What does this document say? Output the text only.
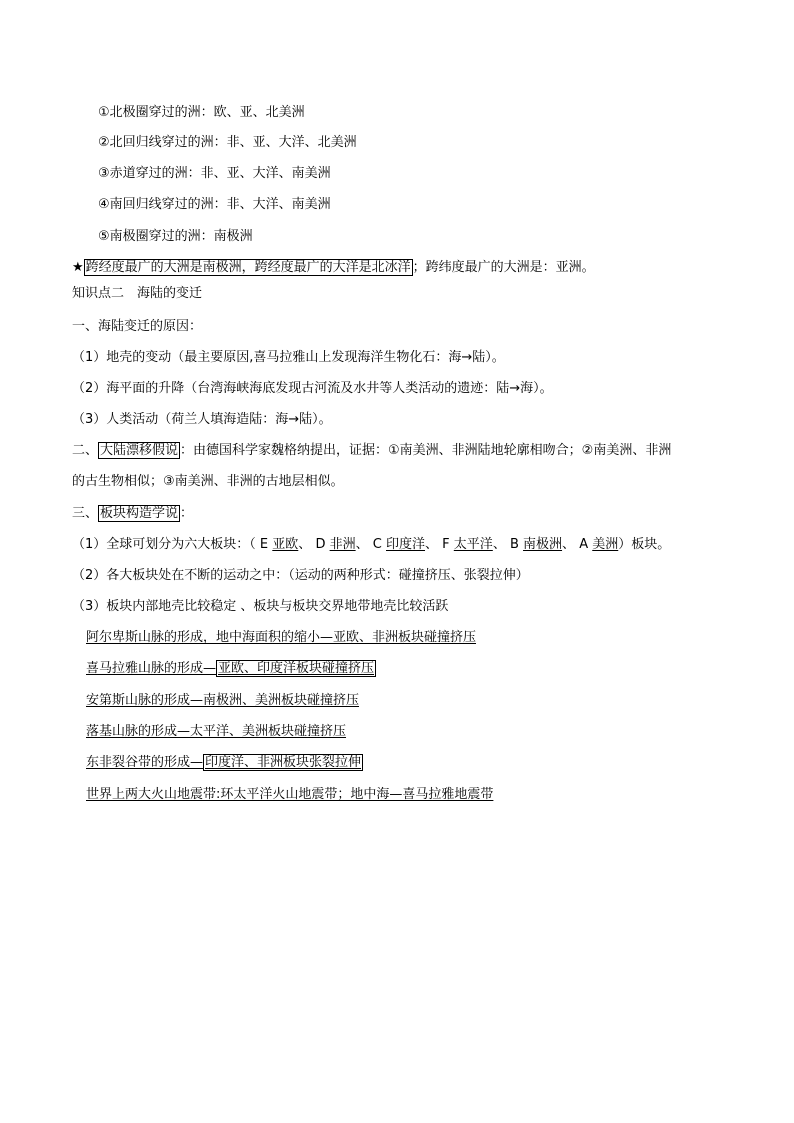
①北极圈穿过的洲：欧、亚、北美洲
②北回归线穿过的洲：非、亚、大洋、北美洲
③赤道穿过的洲：非、亚、大洋、南美洲
④南回归线穿过的洲：非、大洋、南美洲
⑤南极圈穿过的洲：南极洲
★ 跨经度最广的大洲是南极洲，跨经度最广的大洋是北冰洋 ；跨纬度最广的大洲是：亚洲。
知识点二　海陆的变迁
一、海陆变迁的原因：
（1）地壳的变动（最主要原因,喜马拉雅山上发现海洋生物化石：海→陆）。
（2）海平面的升降（台湾海峡海底发现古河流及水井等人类活动的遗迹：陆→海）。
（3）人类活动（荷兰人填海造陆：海→陆）。
二、 大陆漂移假说 ：由德国科学家魏格纳提出，证据：①南美洲、非洲陆地轮廓相吻合；②南美洲、非洲
的古生物相似；③南美洲、非洲的古地层相似。
三、 板块构造学说 ：
（1）全球可划分为六大板块：（ E 亚欧、 D 非洲、 C 印度洋、 F 太平洋、 B 南极洲、 A 美洲）板块。
（2）各大板块处在不断的运动之中：（运动的两种形式：碰撞挤压、张裂拉伸）
（3）板块内部地壳比较稳定 、板块与板块交界地带地壳比较活跃
阿尔卑斯山脉的形成，地中海面积的缩小—亚欧、非洲板块碰撞挤压
喜马拉雅山脉的形成— 亚欧、印度洋板块碰撞挤压
安第斯山脉的形成—南极洲、美洲板块碰撞挤压
落基山脉的形成—太平洋、美洲板块碰撞挤压
东非裂谷带的形成— 印度洋、非洲板块张裂拉伸
世界上两大火山地震带:环太平洋火山地震带；地中海—喜马拉雅地震带
